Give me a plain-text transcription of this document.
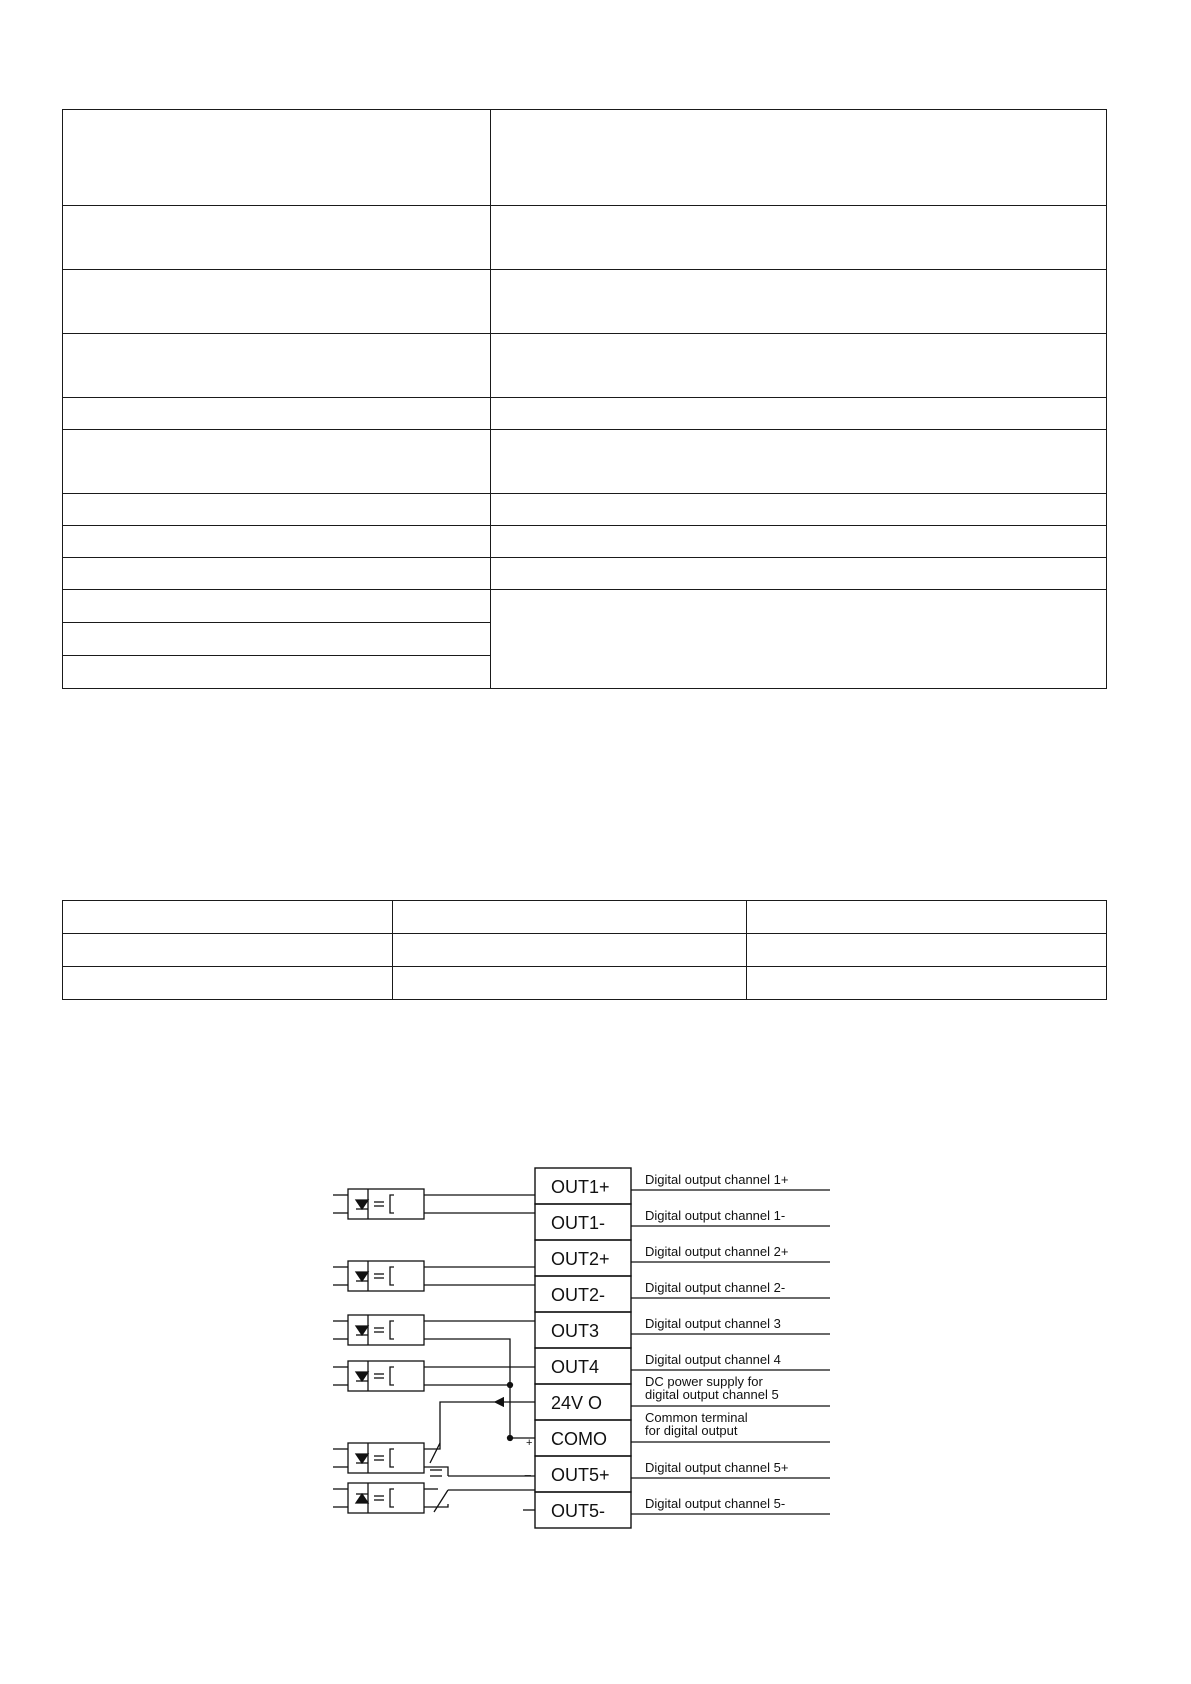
OUT1+
OUT1-
OUT2+
OUT2-
OUT3
OUT4
24V O
COMO
OUT5+
OUT5-
Digital output channel 1+
Digital output channel 1-
Digital output channel 2+
Digital output channel 2-
Digital output channel 3
Digital output channel 4
DC power supply for
digital output channel 5
Common terminal
for digital output
Digital output channel 5+
Digital output channel 5-
+
−
